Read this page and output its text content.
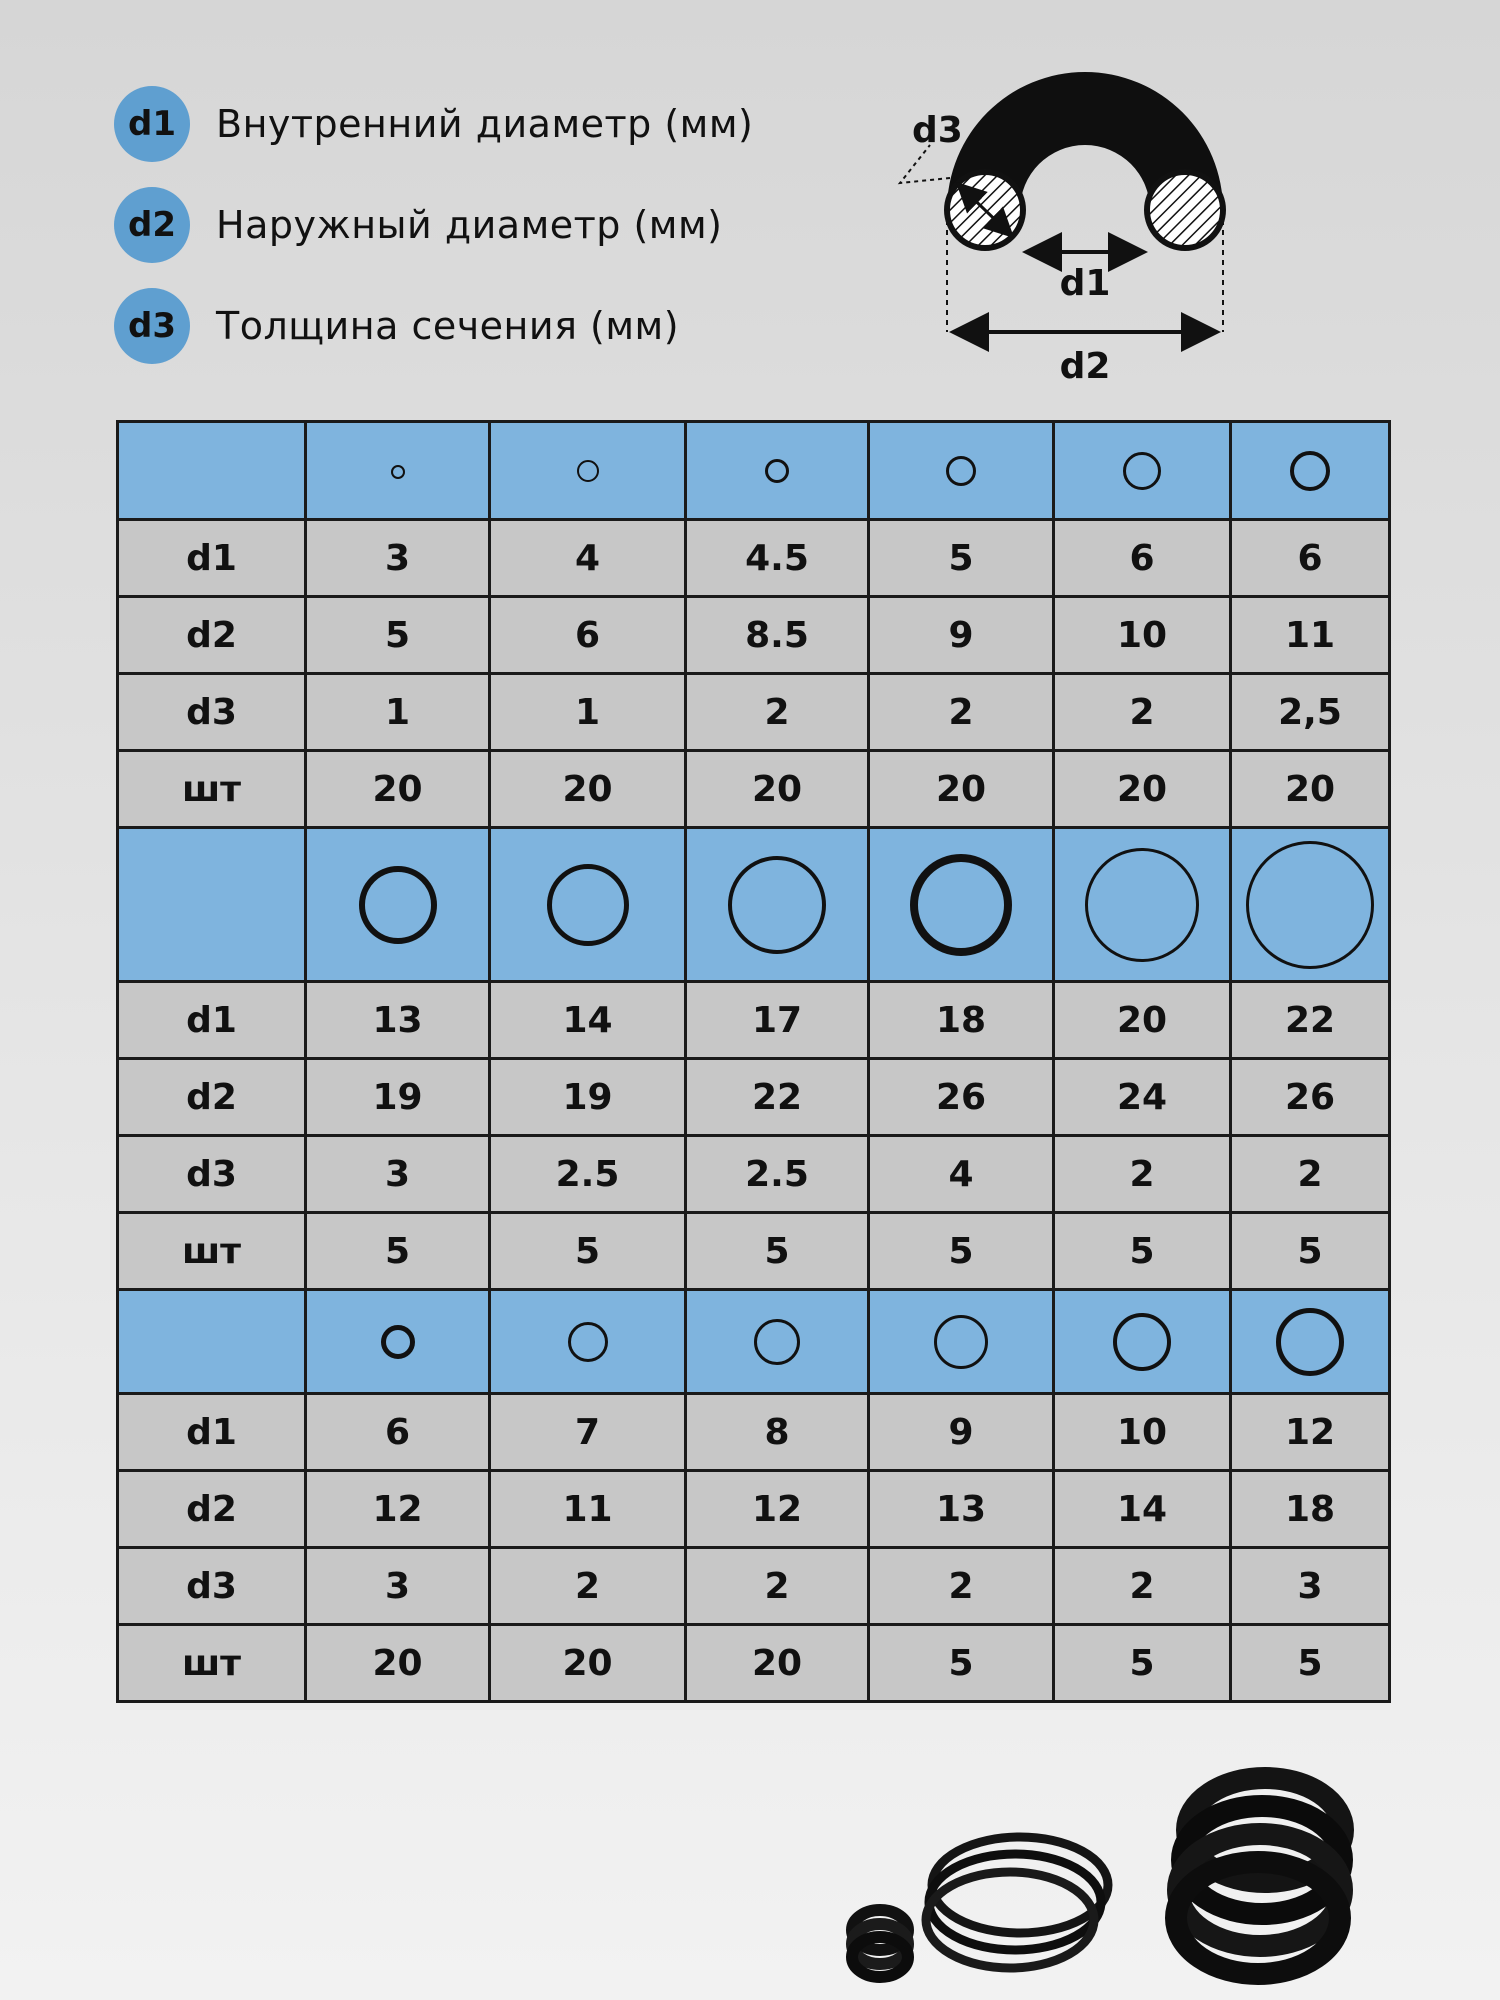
d1	Внутренний диаметр (мм)
d2	Наружный диаметр (мм)
d3	Толщина сечения (мм)
d3
d1
d2

d1	3	4	4.5	5	6	6
d2	5	6	8.5	9	10	11
d3	1	1	2	2	2	2,5
шт	20	20	20	20	20	20

d1	13	14	17	18	20	22
d2	19	19	22	26	24	26
d3	3	2.5	2.5	4	2	2
шт	5	5	5	5	5	5

d1	6	7	8	9	10	12
d2	12	11	12	13	14	18
d3	3	2	2	2	2	3
шт	20	20	20	5	5	5
